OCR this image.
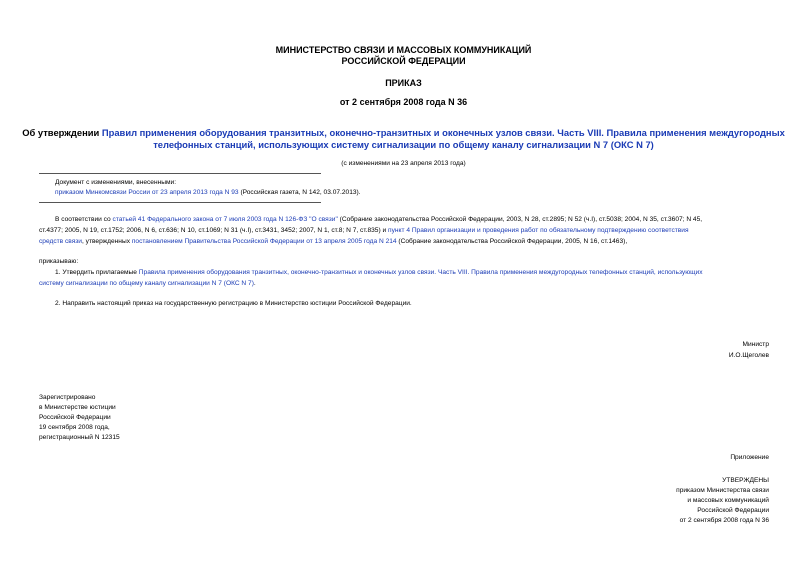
МИНИСТЕРСТВО СВЯЗИ И МАССОВЫХ КОММУНИКАЦИЙ
РОССИЙСКОЙ ФЕДЕРАЦИИ
ПРИКАЗ
от 2 сентября 2008 года N 36
Об утверждении Правил применения оборудования транзитных, оконечно-транзитных и оконечных узлов связи. Часть VIII. Правила применения междугородных
телефонных станций, использующих систему сигнализации по общему каналу сигнализации N 7 (ОКС N 7)
(с изменениями на 23 апреля 2013 года)
Документ с изменениями, внесенными:
приказом Минкомсвязи России от 23 апреля 2013 года N 93 (Российская газета, N 142, 03.07.2013).
В соответствии со статьей 41 Федерального закона от 7 июля 2003 года N 126-ФЗ "О связи" (Собрание законодательства Российской Федерации, 2003, N 28, ст.2895; N 52 (ч.I), ст.5038; 2004, N 35, ст.3607; N 45,
ст.4377; 2005, N 19, ст.1752; 2006, N 6, ст.636; N 10, ст.1069; N 31 (ч.I), ст.3431, 3452; 2007, N 1, ст.8; N 7, ст.835) и пункт 4 Правил организации и проведения работ по обязательному подтверждению соответствия
средств связи, утвержденных постановлением Правительства Российской Федерации от 13 апреля 2005 года N 214 (Собрание законодательства Российской Федерации, 2005, N 16, ст.1463),
приказываю:
1. Утвердить прилагаемые Правила применения оборудования транзитных, оконечно-транзитных и оконечных узлов связи. Часть VIII. Правила применения междугородных телефонных станций, использующих
систему сигнализации по общему каналу сигнализации N 7 (ОКС N 7).
2. Направить настоящий приказ на государственную регистрацию в Министерство юстиции Российской Федерации.
Министр
И.О.Щеголев
Зарегистрировано
в Министерстве юстиции
Российской Федерации
19 сентября 2008 года,
регистрационный N 12315
Приложение
УТВЕРЖДЕНЫ
приказом Министерства связи
и массовых коммуникаций
Российской Федерации
от 2 сентября 2008 года N 36
